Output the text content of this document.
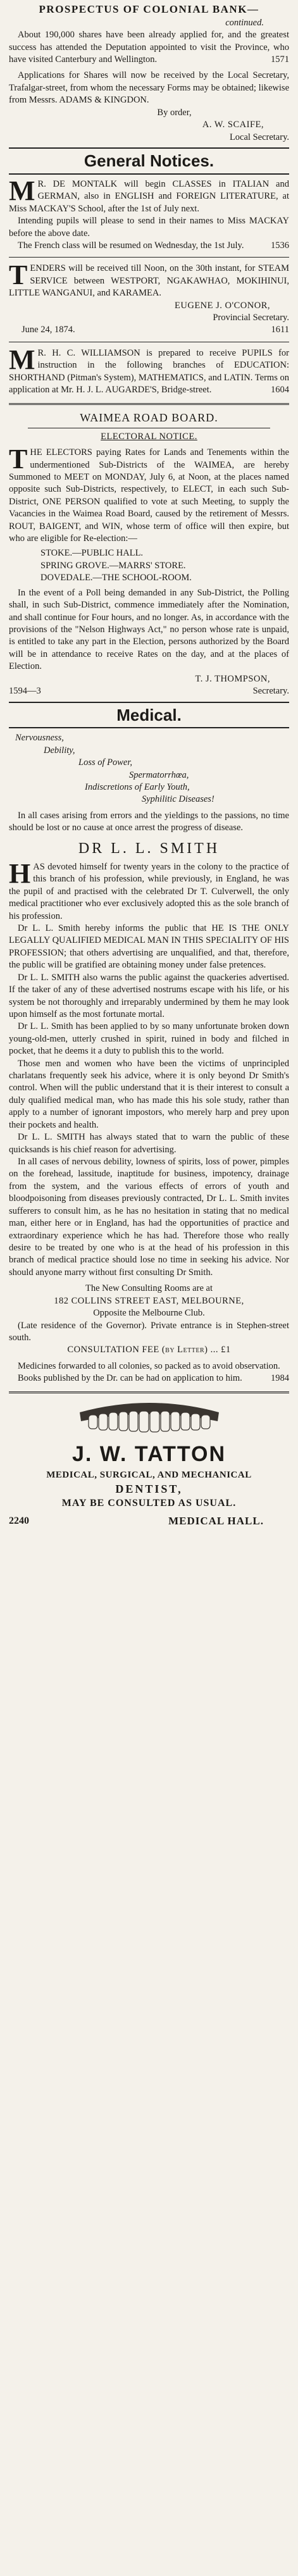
PROSPECTUS OF COLONIAL BANK—
continued.

About 190,000 shares have been already applied for, and the greatest success has attended the Deputation appointed to visit the Province, who have visited Canterbury and Wellington.	1571

Applications for Shares will now be received by the Local Secretary, Trafalgar-street, from whom the necessary Forms may be obtained; likewise from Messrs. ADAMS & KINGDON.

By order,
A. W. SCAIFE,
Local Secretary.
General Notices.

M R. DE MONTALK will begin CLASSES in ITALIAN and GERMAN, also in ENGLISH and FOREIGN LITERATURE, at Miss MACKAY'S School, after the 1st of July next.

Intending pupils will please to send in their names to Miss MACKAY before the above date.

The French class will be resumed on Wednesday, the 1st July.	1536

TENDERS will be received till Noon, on the 30th instant, for STEAM SERVICE between WESTPORT, NGAKAWHAO, MOKIHINUI, LITTLE WANGANUI, and KARAMEA.

EUGENE J. O'CONOR,
Provincial Secretary.
June 24, 1874.	1611

M R. H. C. WILLIAMSON is prepared to receive PUPILS for instruction in the following branches of EDUCATION: SHORTHAND (Pitman's System), MATHEMATICS, and LATIN. Terms on application at Mr. H. J. L. AUGARDE'S, Bridge-street.	1604

WAIMEA ROAD BOARD.
ELECTORAL NOTICE.

THE ELECTORS paying Rates for Lands and Tenements within the undermentioned Sub-Districts of the WAIMEA, are hereby Summoned to MEET on MONDAY, July 6, at Noon, at the places named opposite such Sub-Districts, respectively, to ELECT, in each such Sub-District, ONE PERSON qualified to vote at such Meeting, to supply the Vacancies in the Waimea Road Board, caused by the retirement of Messrs. ROUT, BAIGENT, and WIN, whose term of office will then expire, but who are eligible for Re-election:—

STOKE.—PUBLIC HALL.
SPRING GROVE.—MARRS' STORE.
DOVEDALE.—THE SCHOOL-ROOM.

In the event of a Poll being demanded in any Sub-District, the Polling shall, in such Sub-District, commence immediately after the Nomination, and shall continue for Four hours, and no longer. As, in accordance with the provisions of the "Nelson Highways Act," no person whose rate is unpaid, is entitled to take any part in the Election, persons authorized by the Board will be in attendance to receive Rates on the day, and at the places of Election.

T. J. THOMPSON,
1594—3	Secretary.
Medical.
Nervousness,
Debility,
Loss of Power,
Spermatorrhœa,
Indiscretions of Early Youth,
Syphilitic Diseases!

In all cases arising from errors and the yieldings to the passions, no time should be lost or no cause at once arrest the progress of disease.

DR L. L. SMITH

HAS devoted himself for twenty years in the colony to the practice of this branch of his profession, while previously, in England, he was the pupil of and practised with the celebrated Dr T. Culverwell, the only medical practitioner who ever exclusively adopted this as the sole branch of his profession.

Dr L. L. Smith hereby informs the public that HE IS THE ONLY LEGALLY QUALIFIED MEDICAL MAN IN THIS SPECIALITY OF HIS PROFESSION; that others advertising are unqualified, and that, therefore, the public will be gratified are obtaining money under false pretences.

Dr L. L. SMITH also warns the public against the quackeries advertised. If the taker of any of these advertised nostrums escape with his life, or his system be not thoroughly and irreparably undermined by them he may look upon himself as the most fortunate mortal.

Dr L. L. Smith has been applied to by so many unfortunate broken down young-old-men, utterly crushed in spirit, ruined in body and filched in pocket, that he deems it a duty to publish this to the world.

Those men and women who have been the victims of unprincipled charlatans frequently seek his advice, where it is only beyond Dr Smith's control. When will the public understand that it is their interest to consult a duly qualified medical man, who has made this his sole study, rather than apply to a number of ignorant impostors, who merely harp and prey upon their pockets and health.

Dr L. L. SMITH has always stated that to warn the public of these quicksands is his chief reason for advertising.

In all cases of nervous debility, lowness of spirits, loss of power, pimples on the forehead, lassitude, inaptitude for business, impotency, drainage from the system, and the various effects of errors of youth and bloodpoisoning from diseases previously contracted, Dr L. L. Smith invites sufferers to consult him, as he has no hesitation in stating that no medical man, either here or in England, has had the opportunities of practice and extraordinary experience which he has had. Therefore those who really desire to be treated by one who is at the head of his profession in this branch of medical practice should lose no time in seeking his advice. Nor should anyone marry without first consulting Dr Smith.

The New Consulting Rooms are at
182 COLLINS STREET EAST, MELBOURNE,
Opposite the Melbourne Club.

(Late residence of the Governor). Private entrance is in Stephen-street south.

CONSULTATION FEE (by Letter) ... £1

Medicines forwarded to all colonies, so packed as to avoid observation.

Books published by the Dr. can be had on application to him.	1984

J. W. TATTON
MEDICAL, SURGICAL, AND MECHANICAL
DENTIST,
MAY BE CONSULTED AS USUAL.
2240	MEDICAL HALL.
